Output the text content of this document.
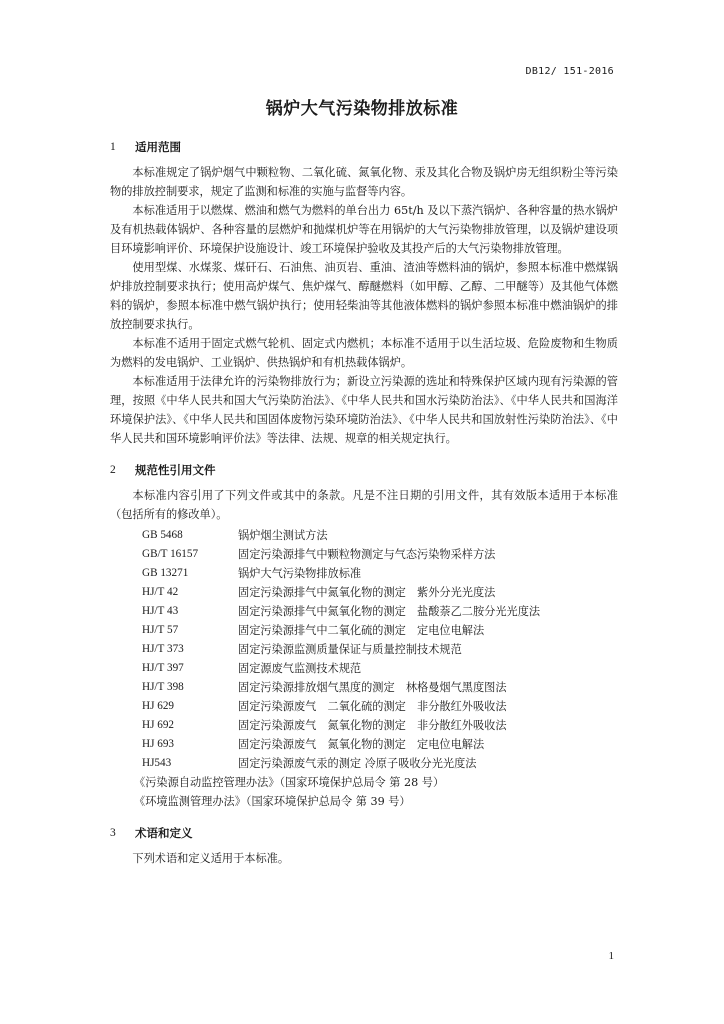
DB12/ 151-2016
锅炉大气污染物排放标准
1	适用范围

本标准规定了锅炉烟气中颗粒物、二氧化硫、氮氧化物、汞及其化合物及锅炉房无组织粉尘等污染物的排放控制要求，规定了监测和标准的实施与监督等内容。

本标准适用于以燃煤、燃油和燃气为燃料的单台出力 65t/h 及以下蒸汽锅炉、各种容量的热水锅炉及有机热载体锅炉、各种容量的层燃炉和抛煤机炉等在用锅炉的大气污染物排放管理，以及锅炉建设项目环境影响评价、环境保护设施设计、竣工环境保护验收及其投产后的大气污染物排放管理。

使用型煤、水煤浆、煤矸石、石油焦、油页岩、重油、渣油等燃料油的锅炉，参照本标准中燃煤锅炉排放控制要求执行；使用高炉煤气、焦炉煤气、醇醚燃料（如甲醇、乙醇、二甲醚等）及其他气体燃料的锅炉，参照本标准中燃气锅炉执行；使用轻柴油等其他液体燃料的锅炉参照本标准中燃油锅炉的排放控制要求执行。

本标准不适用于固定式燃气轮机、固定式内燃机；本标准不适用于以生活垃圾、危险废物和生物质为燃料的发电锅炉、工业锅炉、供热锅炉和有机热载体锅炉。

本标准适用于法律允许的污染物排放行为；新设立污染源的选址和特殊保护区域内现有污染源的管理，按照《中华人民共和国大气污染防治法》、《中华人民共和国水污染防治法》、《中华人民共和国海洋环境保护法》、《中华人民共和国固体废物污染环境防治法》、《中华人民共和国放射性污染防治法》、《中华人民共和国环境影响评价法》等法律、法规、规章的相关规定执行。

2	规范性引用文件

本标准内容引用了下列文件或其中的条款。凡是不注日期的引用文件，其有效版本适用于本标准（包括所有的修改单）。

GB 5468	锅炉烟尘测试方法
GB/T 16157	固定污染源排气中颗粒物测定与气态污染物采样方法
GB 13271	锅炉大气污染物排放标准
HJ/T 42	固定污染源排气中氮氧化物的测定　紫外分光光度法
HJ/T 43	固定污染源排气中氮氧化物的测定　盐酸萘乙二胺分光光度法
HJ/T 57	固定污染源排气中二氧化硫的测定　定电位电解法
HJ/T 373	固定污染源监测质量保证与质量控制技术规范
HJ/T 397	固定源废气监测技术规范
HJ/T 398	固定污染源排放烟气黑度的测定　林格曼烟气黑度图法
HJ 629	固定污染源废气　二氧化硫的测定　非分散红外吸收法
HJ 692	固定污染源废气　氮氧化物的测定　非分散红外吸收法
HJ 693	固定污染源废气　氮氧化物的测定　定电位电解法
HJ543	固定污染源废气汞的测定 冷原子吸收分光光度法
《污染源自动监控管理办法》（国家环境保护总局令 第 28 号）
《环境监测管理办法》（国家环境保护总局令 第 39 号）
3	术语和定义

下列术语和定义适用于本标准。

1
